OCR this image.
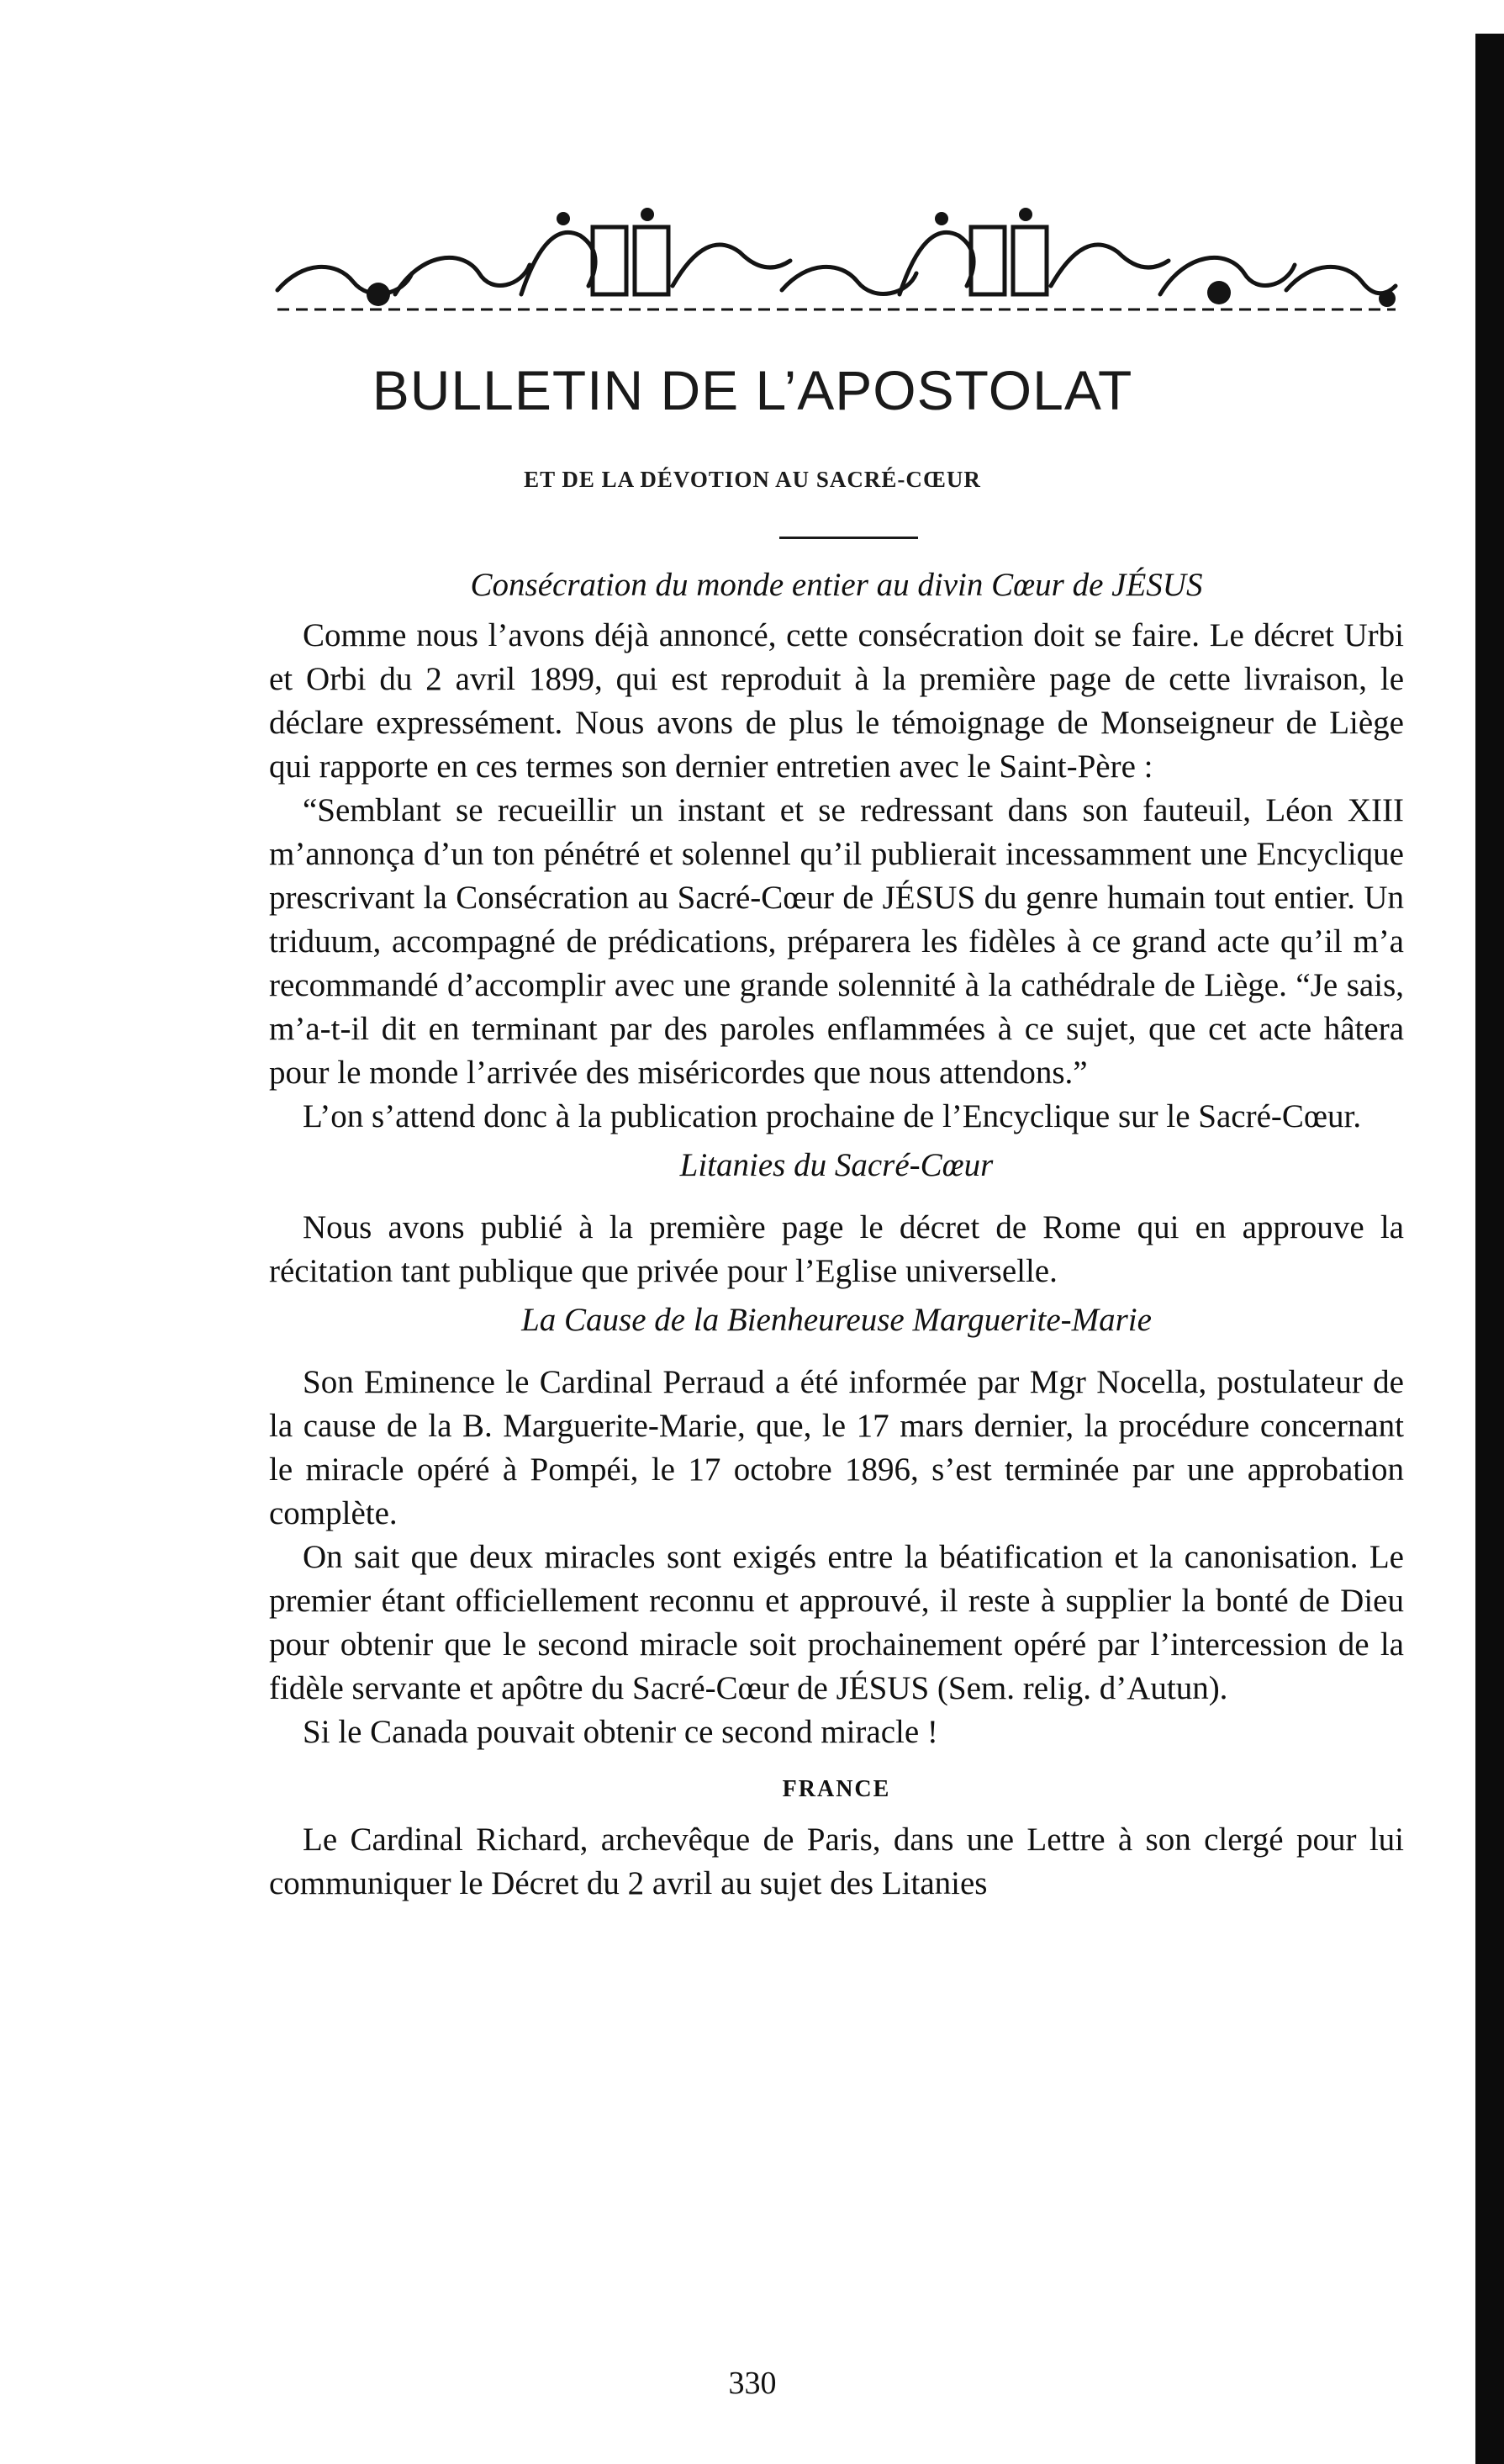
BULLETIN DE L’APOSTOLAT
ET DE LA DÉVOTION AU SACRÉ-CŒUR
Consécration du monde entier au divin Cœur de JÉSUS

Comme nous l’avons déjà annoncé, cette consécration doit se faire. Le décret Urbi et Orbi du 2 avril 1899, qui est reproduit à la première page de cette livraison, le déclare expressément. Nous avons de plus le témoignage de Monseigneur de Liège qui rapporte en ces termes son dernier entretien avec le Saint-Père :

“Semblant se recueillir un instant et se redressant dans son fauteuil, Léon XIII m’annonça d’un ton pénétré et solennel qu’il publierait incessamment une Encyclique prescrivant la Consécration au Sacré-Cœur de JÉSUS du genre humain tout entier. Un triduum, accompagné de prédications, préparera les fidèles à ce grand acte qu’il m’a recommandé d’accomplir avec une grande solennité à la cathédrale de Liège. “Je sais, m’a-t-il dit en terminant par des paroles enflammées à ce sujet, que cet acte hâtera pour le monde l’arrivée des miséricordes que nous attendons.”

L’on s’attend donc à la publication prochaine de l’Encyclique sur le Sacré-Cœur.

Litanies du Sacré-Cœur

Nous avons publié à la première page le décret de Rome qui en approuve la récitation tant publique que privée pour l’Eglise universelle.

La Cause de la Bienheureuse Marguerite-Marie

Son Eminence le Cardinal Perraud a été informée par Mgr Nocella, postulateur de la cause de la B. Marguerite-Marie, que, le 17 mars dernier, la procédure concernant le miracle opéré à Pompéi, le 17 octobre 1896, s’est terminée par une approbation complète.

On sait que deux miracles sont exigés entre la béatification et la canonisation. Le premier étant officiellement reconnu et approuvé, il reste à supplier la bonté de Dieu pour obtenir que le second miracle soit prochainement opéré par l’intercession de la fidèle servante et apôtre du Sacré-Cœur de JÉSUS (Sem. relig. d’Autun).

Si le Canada pouvait obtenir ce second miracle !

FRANCE

Le Cardinal Richard, archevêque de Paris, dans une Lettre à son clergé pour lui communiquer le Décret du 2 avril au sujet des Litanies

330
